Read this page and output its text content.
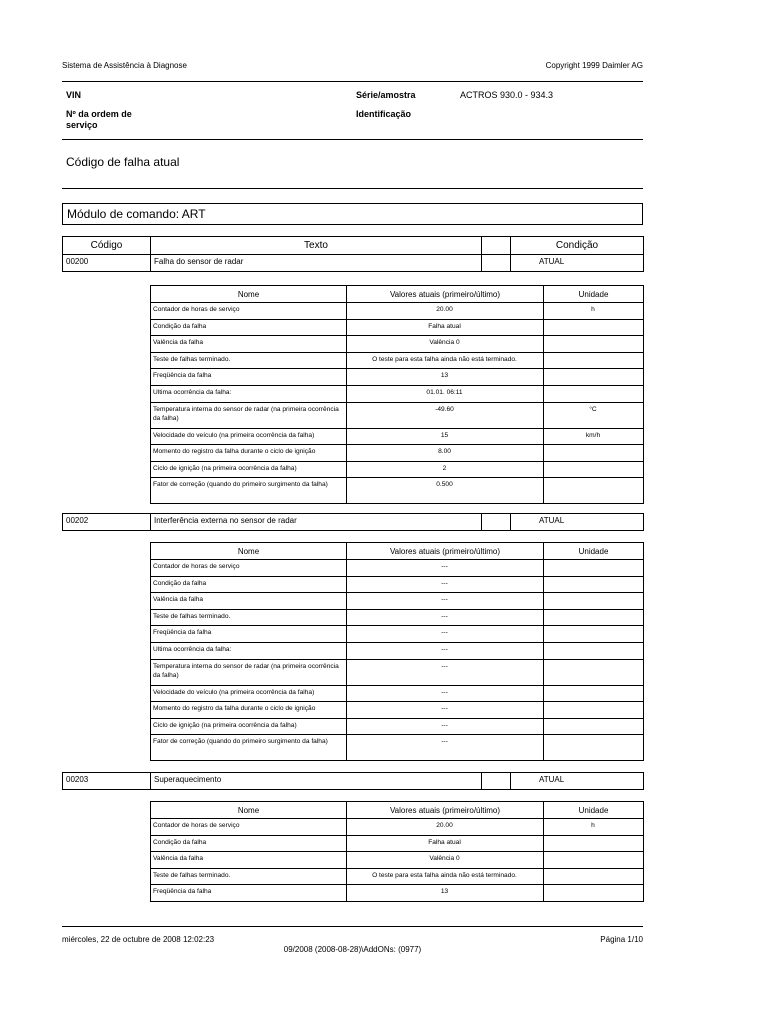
Sistema de Assistência à Diagnose	Copyright 1999 Daimler AG
VIN
Nº da ordem de
serviço
Série/amostra	ACTROS 930.0 - 934.3
Identificação
Código de falha atual
Módulo de comando: ART
Código	Texto		Condição
00200	Falha do sensor de radar		ATUAL
Nome	Valores atuais (primeiro/último)	Unidade
Contador de horas de serviço	20.00	h
Condição da falha	Falha atual	
Valência da falha	Valência 0	
Teste de falhas terminado.	O teste para esta falha ainda não está terminado.	
Freqüência da falha	13	
Ultima ocorrência da falha:	01.01. 06:11	
Temperatura interna do sensor de radar (na primeira ocorrência da falha)	-49.60	°C
Velocidade do veículo (na primeira ocorrência da falha)	15	km/h
Momento do registro da falha durante o ciclo de ignição	8.00	
Ciclo de ignição (na primeira ocorrência da falha)	2	
Fator de correção (quando do primeiro surgimento da falha)	0.500	
00202	Interferência externa no sensor de radar		ATUAL
Nome	Valores atuais (primeiro/último)	Unidade
Contador de horas de serviço	---	
Condição da falha	---	
Valência da falha	---	
Teste de falhas terminado.	---	
Freqüência da falha	---	
Ultima ocorrência da falha:	---	
Temperatura interna do sensor de radar (na primeira ocorrência da falha)	---	
Velocidade do veículo (na primeira ocorrência da falha)	---	
Momento do registro da falha durante o ciclo de ignição	---	
Ciclo de ignição (na primeira ocorrência da falha)	---	
Fator de correção (quando do primeiro surgimento da falha)	---	
00203	Superaquecimento		ATUAL
Nome	Valores atuais (primeiro/último)	Unidade
Contador de horas de serviço	20.00	h
Condição da falha	Falha atual	
Valência da falha	Valência 0	
Teste de falhas terminado.	O teste para esta falha ainda não está terminado.	
Freqüência da falha	13	
miércoles, 22 de octubre de 2008 12:02:23	Página 1/10
09/2008 (2008-08-28)\AddONs: (0977)
